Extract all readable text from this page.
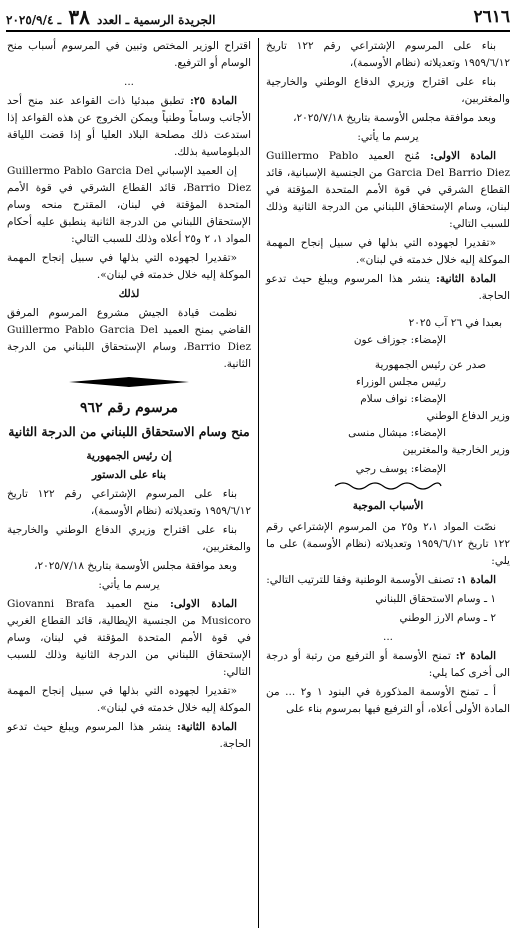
٢٦١٦
الجريدة الرسمية ـ العدد ٣٨ ـ ٢٠٢٥/٩/٤

بناء على المرسوم الإشتراعي رقم ١٢٢ تاريخ ١٩٥٩/٦/١٢ وتعديلاته (نظام الأوسمة)،

بناء على اقتراح وزيري الدفاع الوطني والخارجية والمغتربين،

وبعد موافقة مجلس الأوسمة بتاريخ ٢٠٢٥/٧/١٨،

يرسم ما يأتي:

المادة الاولى: مُنح العميد Guillermo Pablo Garcia Del Barrio Diez من الجنسية الإسبانية، قائد القطاع الشرقي في قوة الأمم المتحدة المؤقتة في لبنان، وسام الإستحقاق اللبناني من الدرجة الثانية وذلك للسبب التالي:

«تقديرا لجهوده التي بذلها في سبيل إنجاح المهمة الموكلة إليه خلال خدمته في لبنان».

المادة الثانية: ينشر هذا المرسوم ويبلغ حيث تدعو الحاجة.

بعبدا في ٢٦ آب ٢٠٢٥

الإمضاء: جوزاف عون

صدر عن رئيس الجمهورية

رئيس مجلس الوزراء

الإمضاء: نواف سلام

وزير الدفاع الوطني

الإمضاء: ميشال منسى

وزير الخارجية والمغتربين

الإمضاء: يوسف رجي

الأسباب الموجبة

نصّت المواد ٢،١ و٢٥ من المرسوم الإشتراعي رقم ١٢٢ تاريخ ١٩٥٩/٦/١٢ وتعديلاته (نظام الأوسمة) على ما يلي:

المادة ١: تصنف الأوسمة الوطنية وفقا للترتيب التالي:

١ ـ وسام الاستحقاق اللبناني

٢ ـ وسام الارز الوطني

...

المادة ٢: تمنح الأوسمة أو الترفيع من رتبة أو درجة الى أخرى كما يلي:

أ ـ تمنح الأوسمة المذكورة في البنود ١ و٢ ... من المادة الأولى أعلاه، أو الترفيع فيها بمرسوم بناء على

اقتراح الوزير المختص وتبين في المرسوم أسباب منح الوسام أو الترفيع.

...

المادة ٢٥: تطبق مبدئيا ذات القواعد عند منح أحد الأجانب وساماً وطنياً ويمكن الخروج عن هذه القواعد إذا استدعت ذلك مصلحة البلاد العليا أو إذا قضت اللياقة الدبلوماسية بذلك.

إن العميد الإسباني Guillermo Pablo Garcia Del Barrio Diez، قائد القطاع الشرقي في قوة الأمم المتحدة المؤقتة في لبنان، المقترح منحه وسام الإستحقاق اللبناني من الدرجة الثانية ينطبق عليه أحكام المواد ١، ٢ و٢٥ أعلاه وذلك للسبب التالي:

«تقديرا لجهوده التي بذلها في سبيل إنجاح المهمة الموكلة إليه خلال خدمته في لبنان».

لذلك

نظمت قيادة الجيش مشروع المرسوم المرفق القاضي بمنح العميد Guillermo Pablo Garcia Del Barrio Diez، وسام الإستحقاق اللبناني من الدرجة الثانية.

مرسوم رقم ٩٦٢

منح وسام الاستحقاق اللبناني من الدرجة الثانية

إن رئيس الجمهورية

بناء على الدستور

بناء على المرسوم الإشتراعي رقم ١٢٢ تاريخ ١٩٥٩/٦/١٢ وتعديلاته (نظام الأوسمة)،

بناء على اقتراح وزيري الدفاع الوطني والخارجية والمغتربين،

وبعد موافقة مجلس الأوسمة بتاريخ ٢٠٢٥/٧/١٨،

يرسم ما يأتي:

المادة الاولى: منح العميد Giovanni Brafa Musicoro من الجنسية الإيطالية، قائد القطاع الغربي في قوة الأمم المتحدة المؤقتة في لبنان، وسام الإستحقاق اللبناني من الدرجة الثانية وذلك للسبب التالي:

«تقديرا لجهوده التي بذلها في سبيل إنجاح المهمة الموكلة إليه خلال خدمته في لبنان».

المادة الثانية: ينشر هذا المرسوم ويبلغ حيث تدعو الحاجة.
